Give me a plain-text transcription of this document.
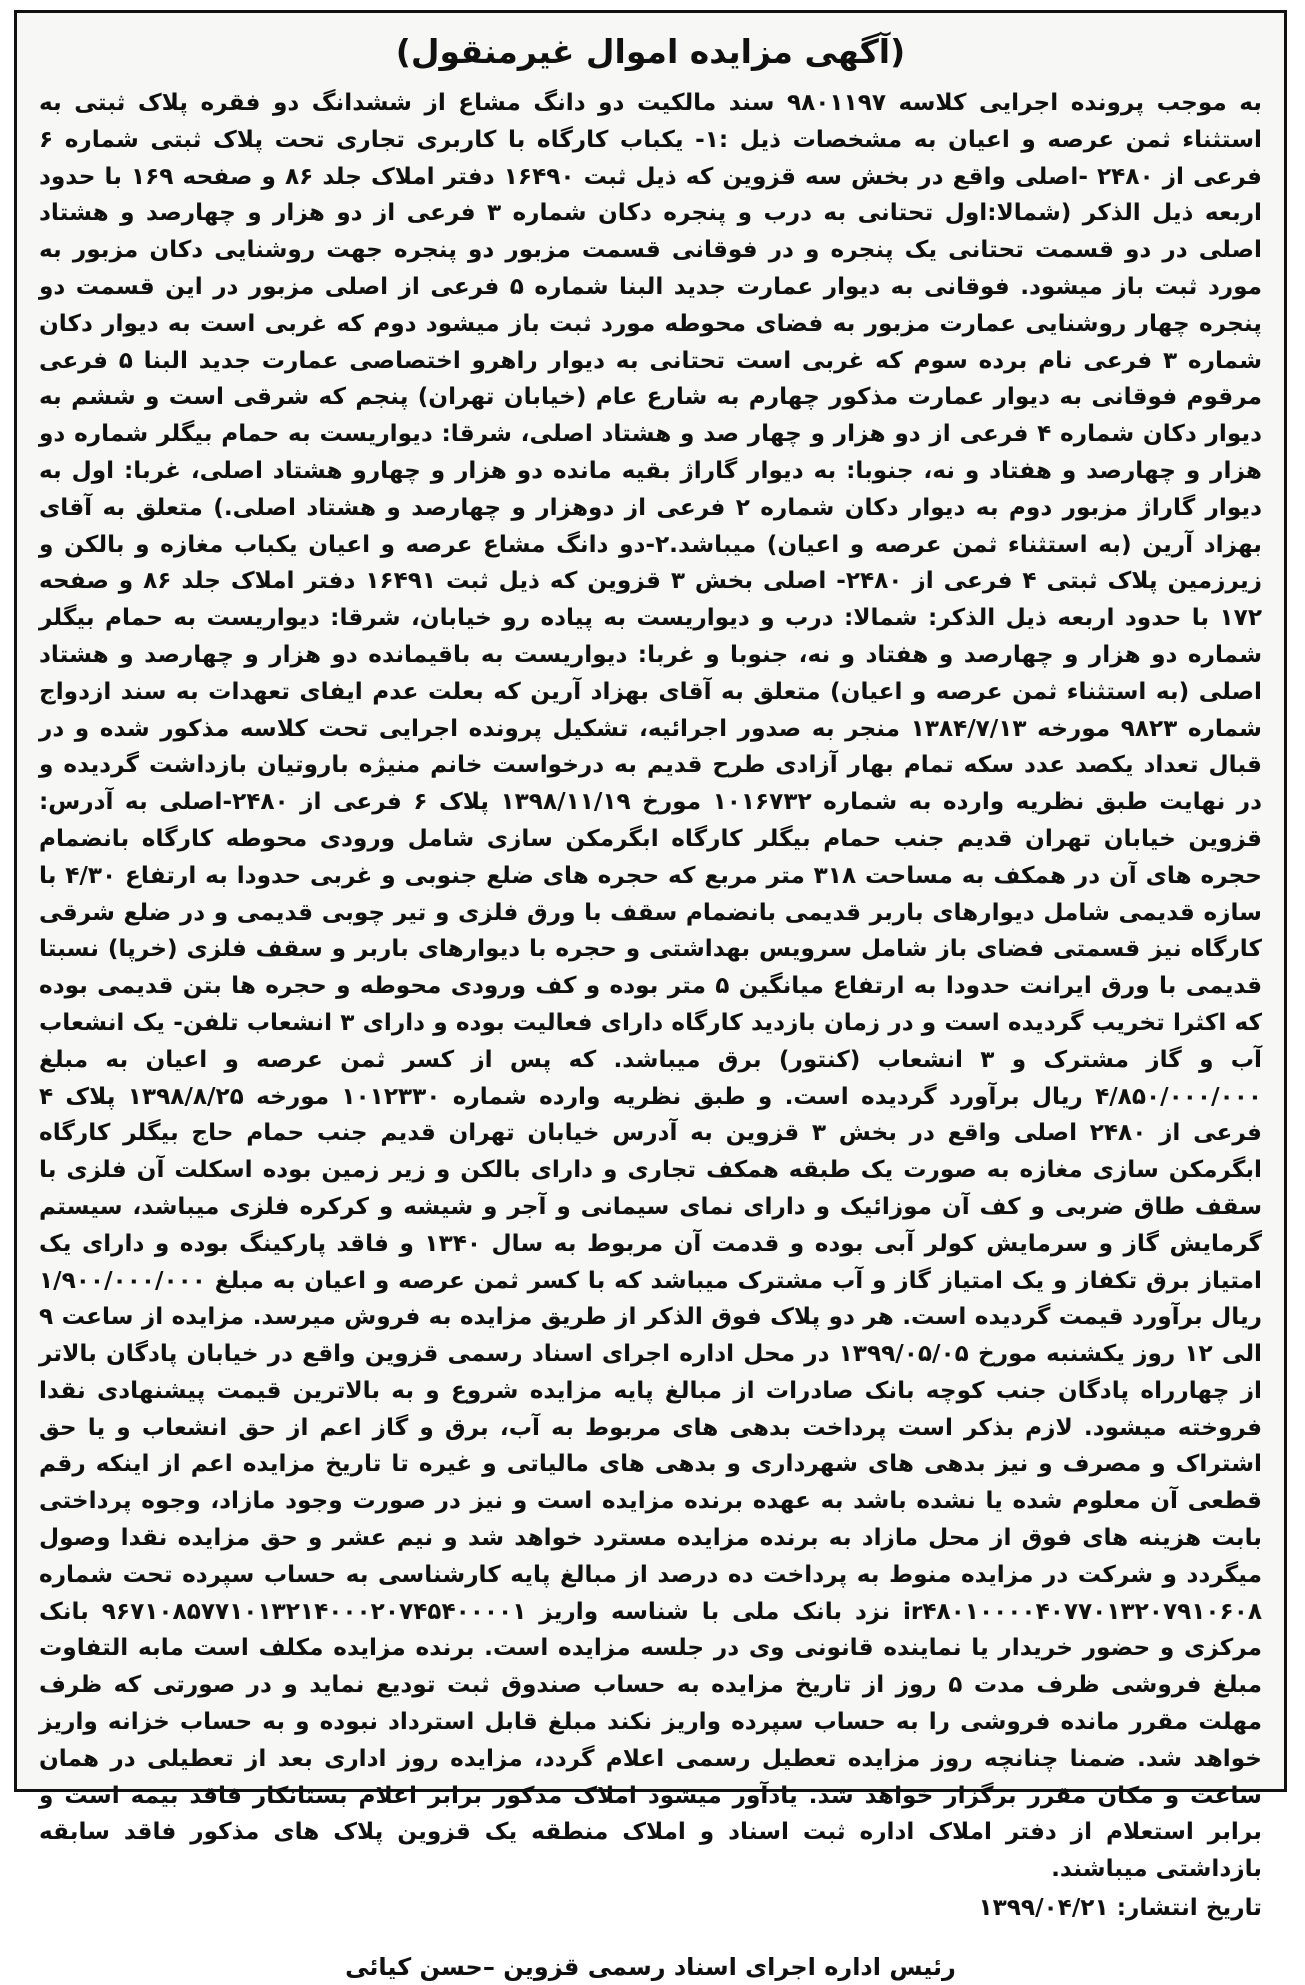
(آگهی مزایده اموال غیرمنقول)
به موجب پرونده اجرایی کلاسه ۹۸۰۱۱۹۷ سند مالکیت دو دانگ مشاع از ششدانگ دو فقره پلاک ثبتی به استثناء ثمن عرصه و اعیان به مشخصات ذیل :۱- یکباب کارگاه با کاربری تجاری تحت پلاک ثبتی شماره ۶ فرعی از ۲۴۸۰ -اصلی واقع در بخش سه قزوین که ذیل ثبت ۱۶۴۹۰ دفتر املاک جلد ۸۶ و صفحه ۱۶۹ با حدود اربعه ذیل الذکر (شمالا:اول تحتانی به درب و پنجره دکان شماره ۳ فرعی از دو هزار و چهارصد و هشتاد اصلی در دو قسمت تحتانی یک پنجره و در فوقانی قسمت مزبور دو پنجره جهت روشنایی دکان مزبور به مورد ثبت باز میشود. فوقانی به دیوار عمارت جدید البنا شماره ۵ فرعی از اصلی مزبور در این قسمت دو پنجره چهار روشنایی عمارت مزبور به فضای محوطه مورد ثبت باز میشود دوم که غربی است به دیوار دکان شماره ۳ فرعی نام برده سوم که غربی است تحتانی به دیوار راهرو اختصاصی عمارت جدید البنا ۵ فرعی مرقوم فوقانی به دیوار عمارت مذکور چهارم به شارع عام (خیابان تهران) پنجم که شرقی است و ششم به دیوار دکان شماره ۴ فرعی از دو هزار و چهار صد و هشتاد اصلی، شرقا: دیواریست به حمام بیگلر شماره دو هزار و چهارصد و هفتاد و نه، جنوبا: به دیوار گاراژ بقیه مانده دو هزار و چهارو هشتاد اصلی، غربا: اول به دیوار گاراژ مزبور دوم به دیوار دکان شماره ۲ فرعی از دوهزار و چهارصد و هشتاد اصلی.) متعلق به آقای بهزاد آرین (به استثناء ثمن عرصه و اعیان) میباشد.۲-دو دانگ مشاع عرصه و اعیان یکباب مغازه و بالکن و زیرزمین پلاک ثبتی ۴ فرعی از ۲۴۸۰- اصلی بخش ۳ قزوین که ذیل ثبت ۱۶۴۹۱ دفتر املاک جلد ۸۶ و صفحه ۱۷۲ با حدود اربعه ذیل الذکر: شمالا: درب و دیواریست به پیاده رو خیابان، شرقا: دیواریست به حمام بیگلر شماره دو هزار و چهارصد و هفتاد و نه، جنوبا و غربا: دیواریست به باقیمانده دو هزار و چهارصد و هشتاد اصلی (به استثناء ثمن عرصه و اعیان) متعلق به آقای بهزاد آرین که بعلت عدم ایفای تعهدات به سند ازدواج شماره ۹۸۲۳ مورخه ۱۳۸۴/۷/۱۳ منجر به صدور اجرائیه، تشکیل پرونده اجرایی تحت کلاسه مذکور شده و در قبال تعداد یکصد عدد سکه تمام بهار آزادی طرح قدیم به درخواست خانم منیژه باروتیان بازداشت گردیده و در نهایت طبق نظریه وارده به شماره ۱۰۱۶۷۳۲ مورخ ۱۳۹۸/۱۱/۱۹ پلاک ۶ فرعی از ۲۴۸۰-اصلی به آدرس: قزوین خیابان تهران قدیم جنب حمام بیگلر کارگاه ابگرمکن سازی شامل ورودی محوطه کارگاه بانضمام حجره های آن در همکف به مساحت ۳۱۸ متر مربع که حجره های ضلع جنوبی و غربی حدودا به ارتفاع ۴/۳۰ با سازه قدیمی شامل دیوارهای باربر قدیمی بانضمام سقف با ورق فلزی و تیر چوبی قدیمی و در ضلع شرقی کارگاه نیز قسمتی فضای باز شامل سرویس بهداشتی و حجره با دیوارهای باربر و سقف فلزی (خرپا) نسبتا قدیمی با ورق ایرانت حدودا به ارتفاع میانگین ۵ متر بوده و کف ورودی محوطه و حجره ها بتن قدیمی بوده که اکثرا تخریب گردیده است و در زمان بازدید کارگاه دارای فعالیت بوده و دارای ۳ انشعاب تلفن- یک انشعاب آب و گاز مشترک و ۳ انشعاب (کنتور) برق میباشد. که پس از کسر ثمن عرصه و اعیان به مبلغ ۴/۸۵۰/۰۰۰/۰۰۰ ریال برآورد گردیده است. و طبق نظریه وارده شماره ۱۰۱۲۳۳۰ مورخه ۱۳۹۸/۸/۲۵ پلاک ۴ فرعی از ۲۴۸۰ اصلی واقع در بخش ۳ قزوین به آدرس خیابان تهران قدیم جنب حمام حاج بیگلر کارگاه ابگرمکن سازی مغازه به صورت یک طبقه همکف تجاری و دارای بالکن و زیر زمین بوده اسکلت آن فلزی با سقف طاق ضربی و کف آن موزائیک و دارای نمای سیمانی و آجر و شیشه و کرکره فلزی میباشد، سیستم گرمایش گاز و سرمایش کولر آبی بوده و قدمت آن مربوط به سال ۱۳۴۰ و فاقد پارکینگ بوده و دارای یک امتیاز برق تکفاز و یک امتیاز گاز و آب مشترک میباشد که با کسر ثمن عرصه و اعیان به مبلغ ۱/۹۰۰/۰۰۰/۰۰۰ ریال برآورد قیمت گردیده است. هر دو پلاک فوق الذکر از طریق مزایده به فروش میرسد. مزایده از ساعت ۹ الی ۱۲ روز یکشنبه مورخ ۱۳۹۹/۰۵/۰۵ در محل اداره اجرای اسناد رسمی قزوین واقع در خیابان پادگان بالاتر از چهارراه پادگان جنب کوچه بانک صادرات از مبالغ پایه مزایده شروع و به بالاترین قیمت پیشنهادی نقدا فروخته میشود. لازم بذکر است پرداخت بدهی های مربوط به آب، برق و گاز اعم از حق انشعاب و یا حق اشتراک و مصرف و نیز بدهی های شهرداری و بدهی های مالیاتی و غیره تا تاریخ مزایده اعم از اینکه رقم قطعی آن معلوم شده یا نشده باشد به عهده برنده مزایده است و نیز در صورت وجود مازاد، وجوه پرداختی بابت هزینه های فوق از محل مازاد به برنده مزایده مسترد خواهد شد و نیم عشر و حق مزایده نقدا وصول میگردد و شرکت در مزایده منوط به پرداخت ده درصد از مبالغ پایه کارشناسی به حساب سپرده تحت شماره ir۴۸۰۱۰۰۰۰۴۰۷۷۰۱۳۲۰۷۹۱۰۶۰۸ نزد بانک ملی با شناسه واریز ۹۶۷۱۰۸۵۷۷۱۰۱۳۲۱۴۰۰۰۲۰۷۴۵۴۰۰۰۰۱ بانک مرکزی و حضور خریدار یا نماینده قانونی وی در جلسه مزایده است. برنده مزایده مکلف است مابه التفاوت مبلغ فروشی ظرف مدت ۵ روز از تاریخ مزایده به حساب صندوق ثبت تودیع نماید و در صورتی که ظرف مهلت مقرر مانده فروشی را به حساب سپرده واریز نکند مبلغ قابل استرداد نبوده و به حساب خزانه واریز خواهد شد. ضمنا چنانچه روز مزایده تعطیل رسمی اعلام گردد، مزایده روز اداری بعد از تعطیلی در همان ساعت و مکان مقرر برگزار خواهد شد. یادآور میشود املاک مذکور برابر اعلام بستانکار فاقد بیمه است و برابر استعلام از دفتر املاک اداره ثبت اسناد و املاک منطقه یک قزوین پلاک های مذکور فاقد سابقه بازداشتی میباشند.
تاریخ انتشار: ۱۳۹۹/۰۴/۲۱
رئیس اداره اجرای اسناد رسمی قزوین –حسن کیائی
